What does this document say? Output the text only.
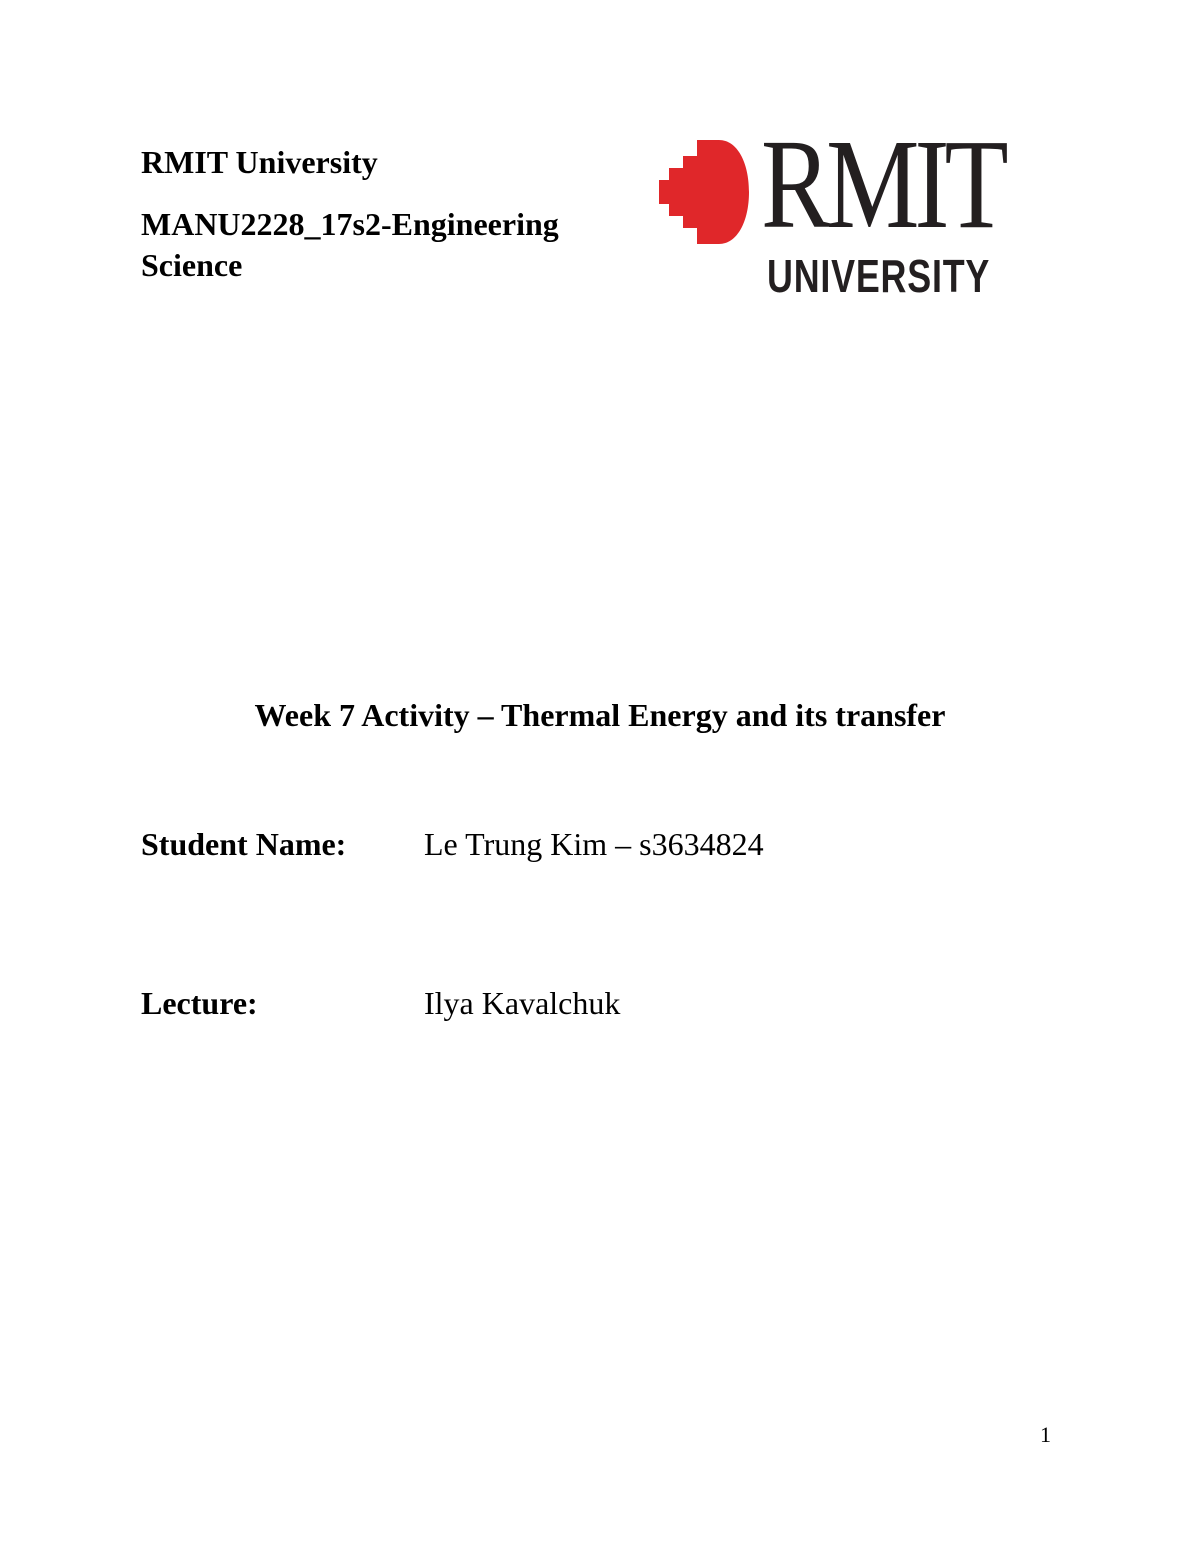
RMIT University

MANU2228_17s2-Engineering Science

RMIT
UNIVERSITY
Week 7 Activity – Thermal Energy and its transfer
Student Name: Le Trung Kim – s3634824
Lecture:	Ilya Kavalchuk
1
